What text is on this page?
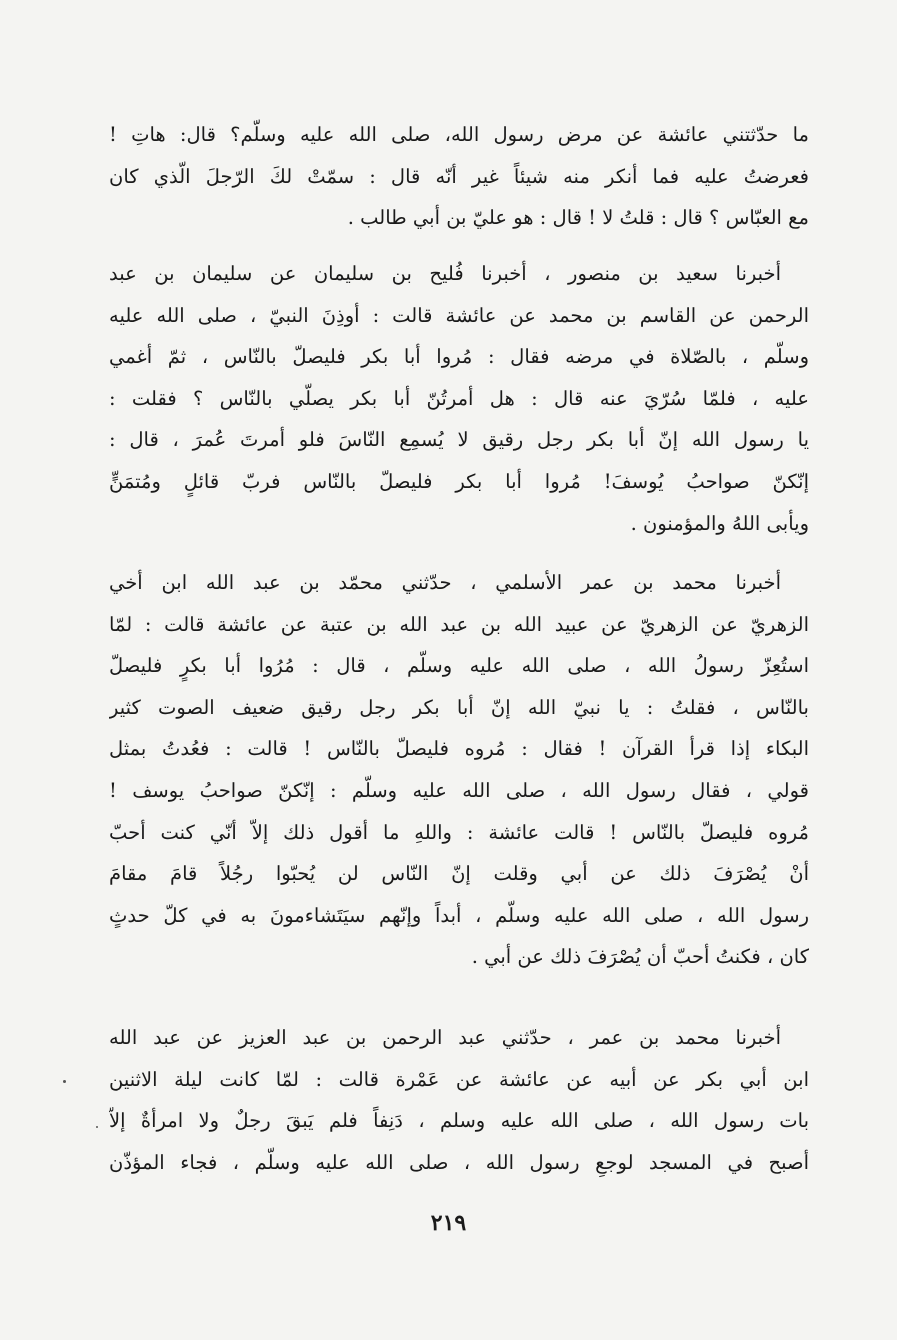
ما حدّثتني عائشة عن مرض رسول الله، صلى الله عليه وسلّم؟ قال: هاتِ !
فعرضتُ عليه فما أنكر منه شيئاً غير أنّه قال : سمّتْ لكَ الرّجلَ الّذي كان
مع العبّاس ؟ قال : قلتُ لا ! قال : هو عليّ بن أبي طالب .
أخبرنا سعيد بن منصور ، أخبرنا فُليح بن سليمان عن سليمان بن عبد
الرحمن عن القاسم بن محمد عن عائشة قالت : أوذِنَ النبيّ ، صلى الله عليه
وسلّم ، بالصّلاة في مرضه فقال : مُروا أبا بكر فليصلّ بالنّاس ، ثمّ أغمي
عليه ، فلمّا سُرّيَ عنه قال : هل أمرتُنّ أبا بكر يصلّي بالنّاس ؟ فقلت :
يا رسول الله إنّ أبا بكر رجل رقيق لا يُسمِع النّاسَ فلو أمرتَ عُمرَ ، قال :
إنّكنّ صواحبُ يُوسفَ! مُروا أبا بكر فليصلّ بالنّاس فربّ قائلٍ ومُتمَنٍّ
ويأبى اللهُ والمؤمنون .
أخبرنا محمد بن عمر الأسلمي ، حدّثني محمّد بن عبد الله ابن أخي
الزهريّ عن الزهريّ عن عبيد الله بن عبد الله بن عتبة عن عائشة قالت : لمّا
استُعِزّ رسولُ الله ، صلى الله عليه وسلّم ، قال : مُرُوا أبا بكرٍ فليصلّ
بالنّاس ، فقلتُ : يا نبيّ الله إنّ أبا بكر رجل رقيق ضعيف الصوت كثير
البكاء إذا قرأ القرآن ! فقال : مُروه فليصلّ بالنّاس ! قالت : فعُدتُ بمثل
قولي ، فقال رسول الله ، صلى الله عليه وسلّم : إنّكنّ صواحبُ يوسف !
مُروه فليصلّ بالنّاس ! قالت عائشة : واللهِ ما أقول ذلك إلاّ أنّي كنت أحبّ
أنْ يُصْرَفَ ذلك عن أبي وقلت إنّ النّاس لن يُحبّوا رجُلاً قامَ مقامَ
رسول الله ، صلى الله عليه وسلّم ، أبداً وإنّهم سيَتَشاءمونَ به في كلّ حدثٍ
كان ، فكنتُ أحبّ أن يُصْرَفَ ذلك عن أبي .
أخبرنا محمد بن عمر ، حدّثني عبد الرحمن بن عبد العزيز عن عبد الله
ابن أبي بكر عن أبيه عن عائشة عن عَمْرة قالت : لمّا كانت ليلة الاثنين
بات رسول الله ، صلى الله عليه وسلم ، دَنِفاً فلم يَبقَ رجلٌ ولا امرأةٌ إلاّ
أصبح في المسجد لوجعِ رسول الله ، صلى الله عليه وسلّم ، فجاء المؤذّن
٢١٩
